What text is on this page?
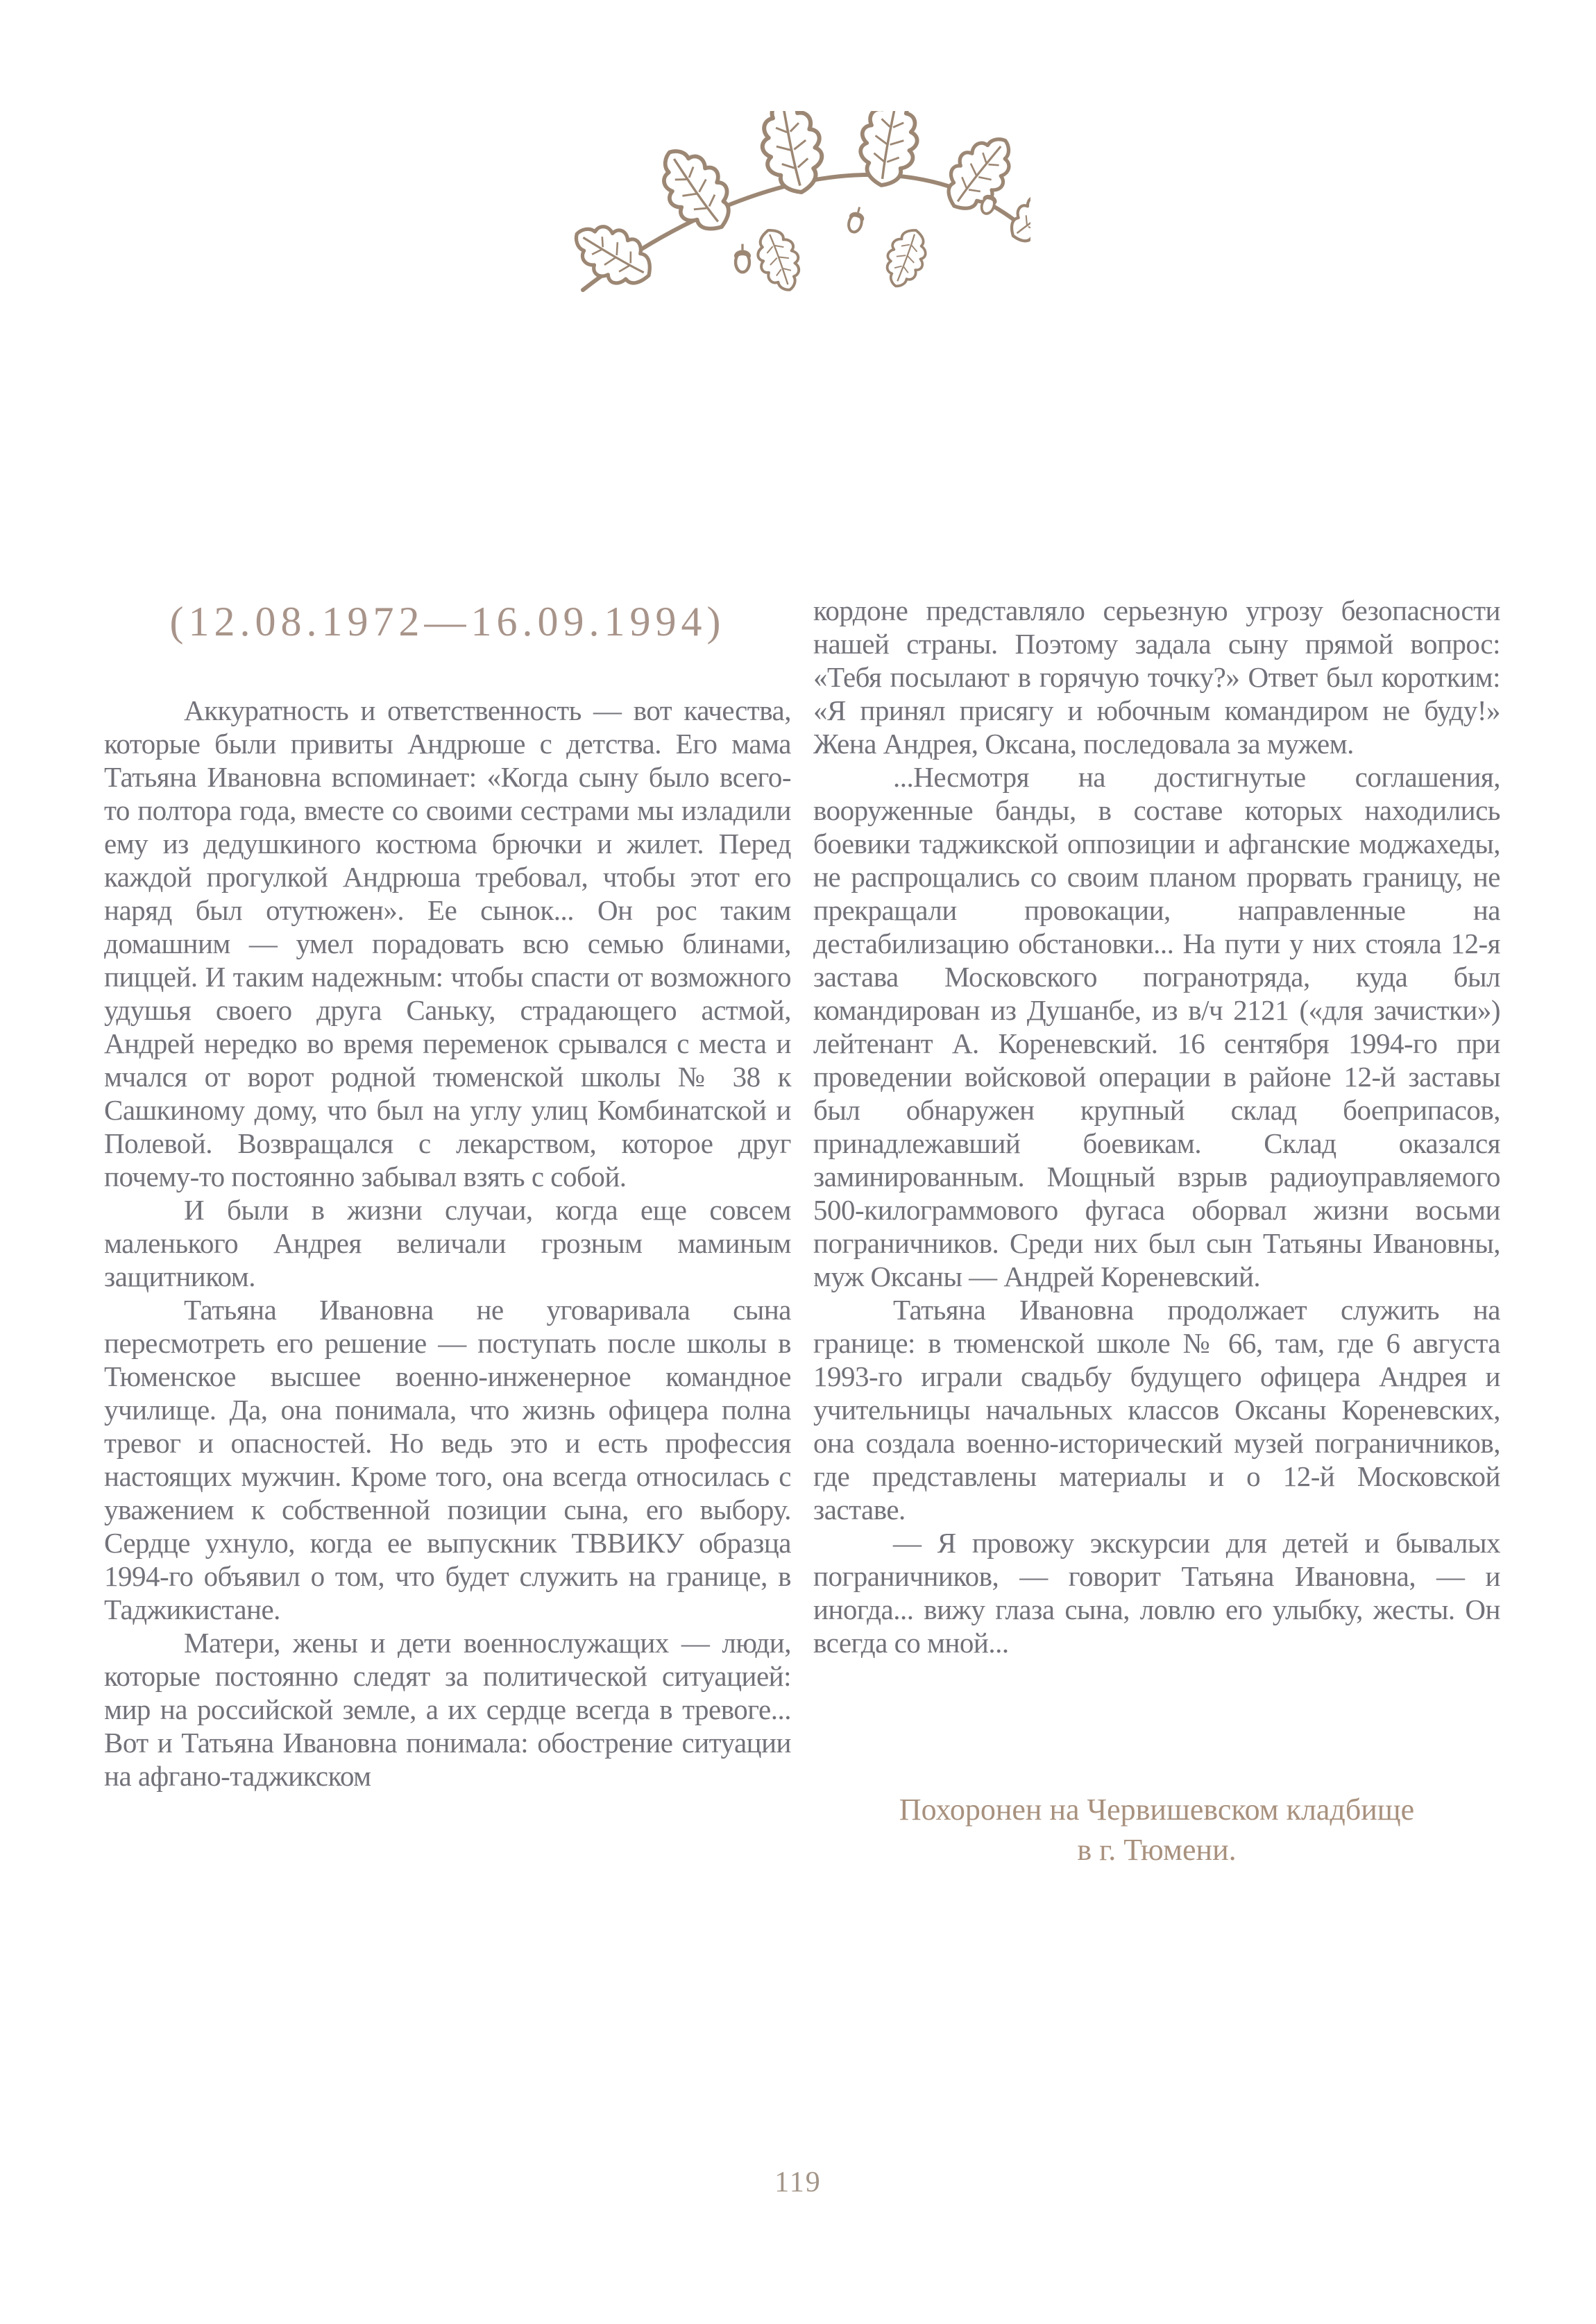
(12.08.1972—16.09.1994)

Аккуратность и ответственность — вот качества, которые были привиты Андрюше с детства. Его мама Татьяна Ивановна вспоминает: «Когда сыну было всего-то полтора года, вместе со своими сестрами мы изладили ему из дедушкиного костюма брючки и жилет. Перед каждой прогулкой Андрюша требовал, чтобы этот его наряд был отутюжен». Ее сынок... Он рос таким домашним — умел порадовать всю семью блинами, пиццей. И таким надежным: чтобы спасти от возможного удушья своего друга Саньку, страдающего астмой, Андрей нередко во время переменок срывался с места и мчался от ворот родной тюменской школы № 38 к Сашкиному дому, что был на углу улиц Комбинатской и Полевой. Возвращался с лекарством, которое друг почему-то постоянно забывал взять с собой.

И были в жизни случаи, когда еще совсем маленького Андрея величали грозным маминым защитником.

Татьяна Ивановна не уговаривала сына пересмотреть его решение — поступать после школы в Тюменское высшее военно-инженерное командное училище. Да, она понимала, что жизнь офицера полна тревог и опасностей. Но ведь это и есть профессия настоящих мужчин. Кроме того, она всегда относилась с уважением к собственной позиции сына, его выбору. Сердце ухнуло, когда ее выпускник ТВВИКУ образца 1994-го объявил о том, что будет служить на границе, в Таджикистане.

Матери, жены и дети военнослужащих — люди, которые постоянно следят за политической ситуацией: мир на российской земле, а их сердце всегда в тревоге... Вот и Татьяна Ивановна понимала: обострение ситуации на афгано-таджикском

кордоне представляло серьезную угрозу безопасности нашей страны. Поэтому задала сыну прямой вопрос: «Тебя посылают в горячую точку?» Ответ был коротким: «Я принял присягу и юбочным командиром не буду!» Жена Андрея, Оксана, последовала за мужем.

...Несмотря на достигнутые соглашения, вооруженные банды, в составе которых находились боевики таджикской оппозиции и афганские моджахеды, не распрощались со своим планом прорвать границу, не прекращали провокации, направленные на дестабилизацию обстановки... На пути у них стояла 12-я застава Московского погранотряда, куда был командирован из Душанбе, из в/ч 2121 («для зачистки») лейтенант А. Кореневский. 16 сентября 1994-го при проведении войсковой операции в районе 12-й заставы был обнаружен крупный склад боеприпасов, принадлежавший боевикам. Склад оказался заминированным. Мощный взрыв радиоуправляемого 500-килограммового фугаса оборвал жизни восьми пограничников. Среди них был сын Татьяны Ивановны, муж Оксаны — Андрей Кореневский.

Татьяна Ивановна продолжает служить на границе: в тюменской школе № 66, там, где 6 августа 1993-го играли свадьбу будущего офицера Андрея и учительницы начальных классов Оксаны Кореневских, она создала военно-исторический музей пограничников, где представлены материалы и о 12-й Московской заставе.

— Я провожу экскурсии для детей и бывалых пограничников, — говорит Татьяна Ивановна, — и иногда... вижу глаза сына, ловлю его улыбку, жесты. Он всегда со мной...

Похоронен на Червишевском кладбище
в г. Тюмени.
119
